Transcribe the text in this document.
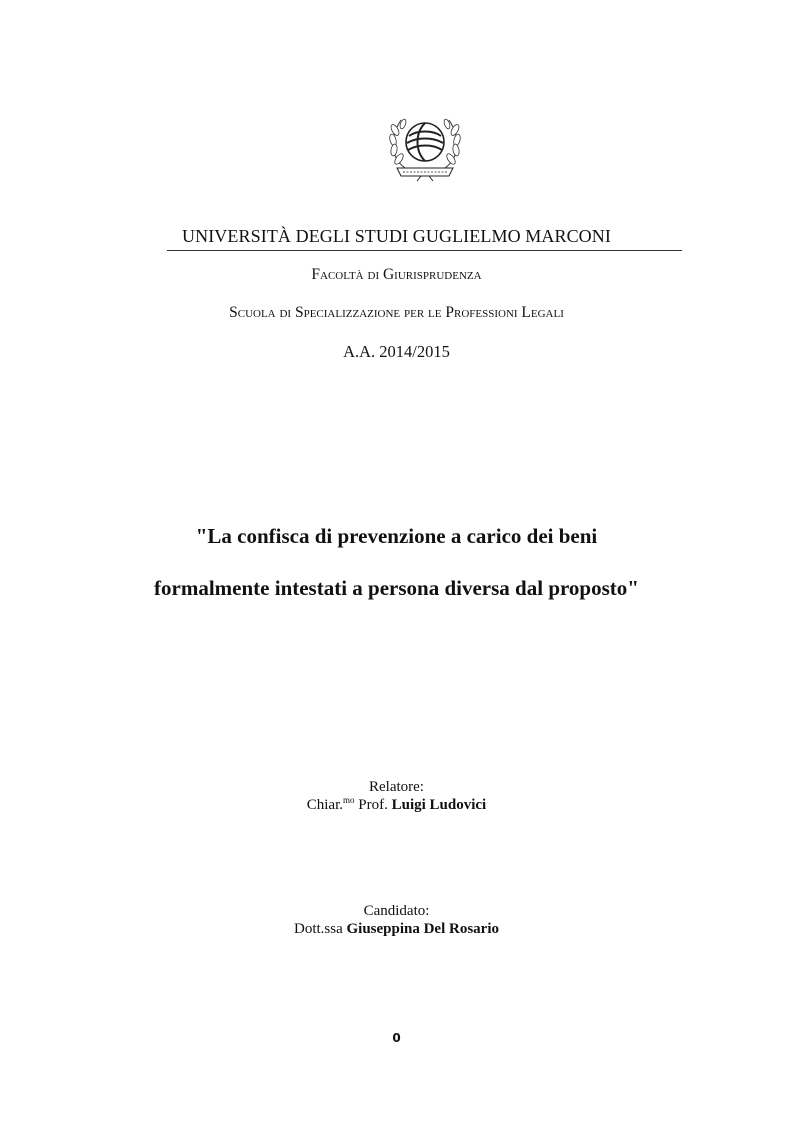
UNIVERSITÀ DEGLI STUDI GUGLIELMO MARCONI
Facoltà di Giurisprudenza
Scuola di Specializzazione per le Professioni Legali
A.A. 2014/2015
"La confisca di prevenzione a carico dei beni
formalmente intestati a persona diversa dal proposto"
Relatore:
Chiar.$^{mo}$ Prof. Luigi Ludovici
Candidato:
Dott.ssa Giuseppina Del Rosario
0
